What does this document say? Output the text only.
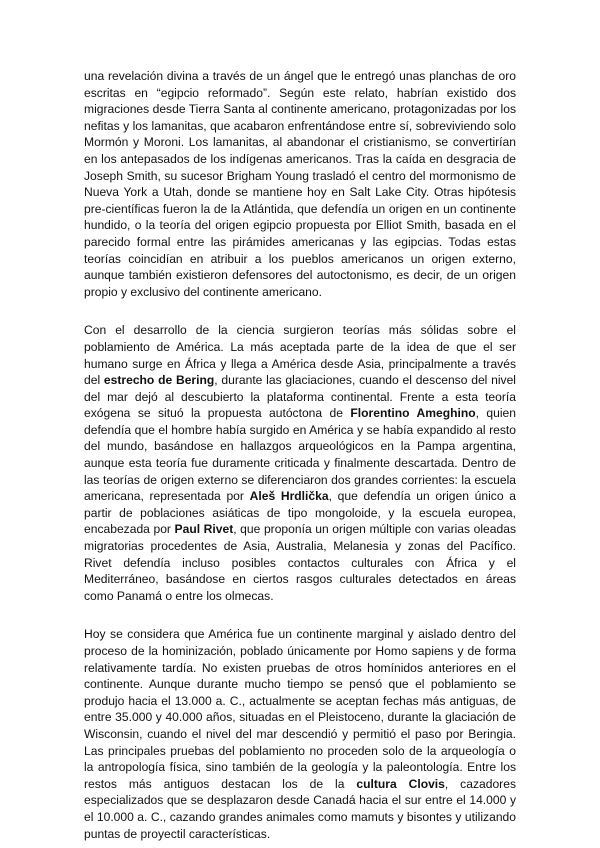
una revelación divina a través de un ángel que le entregó unas planchas de oro escritas en “egipcio reformado”. Según este relato, habrían existido dos migraciones desde Tierra Santa al continente americano, protagonizadas por los nefitas y los lamanitas, que acabaron enfrentándose entre sí, sobreviviendo solo Mormón y Moroni. Los lamanitas, al abandonar el cristianismo, se convertirían en los antepasados de los indígenas americanos. Tras la caída en desgracia de Joseph Smith, su sucesor Brigham Young trasladó el centro del mormonismo de Nueva York a Utah, donde se mantiene hoy en Salt Lake City. Otras hipótesis pre-científicas fueron la de la Atlántida, que defendía un origen en un continente hundido, o la teoría del origen egipcio propuesta por Elliot Smith, basada en el parecido formal entre las pirámides americanas y las egipcias. Todas estas teorías coincidían en atribuir a los pueblos americanos un origen externo, aunque también existieron defensores del autoctonismo, es decir, de un origen propio y exclusivo del continente americano.

Con el desarrollo de la ciencia surgieron teorías más sólidas sobre el poblamiento de América. La más aceptada parte de la idea de que el ser humano surge en África y llega a América desde Asia, principalmente a través del estrecho de Bering, durante las glaciaciones, cuando el descenso del nivel del mar dejó al descubierto la plataforma continental. Frente a esta teoría exógena se situó la propuesta autóctona de Florentino Ameghino, quien defendía que el hombre había surgido en América y se había expandido al resto del mundo, basándose en hallazgos arqueológicos en la Pampa argentina, aunque esta teoría fue duramente criticada y finalmente descartada. Dentro de las teorías de origen externo se diferenciaron dos grandes corrientes: la escuela americana, representada por Aleš Hrdlička, que defendía un origen único a partir de poblaciones asiáticas de tipo mongoloide, y la escuela europea, encabezada por Paul Rivet, que proponía un origen múltiple con varias oleadas migratorias procedentes de Asia, Australia, Melanesia y zonas del Pacífico. Rivet defendía incluso posibles contactos culturales con África y el Mediterráneo, basándose en ciertos rasgos culturales detectados en áreas como Panamá o entre los olmecas.

Hoy se considera que América fue un continente marginal y aislado dentro del proceso de la hominización, poblado únicamente por Homo sapiens y de forma relativamente tardía. No existen pruebas de otros homínidos anteriores en el continente. Aunque durante mucho tiempo se pensó que el poblamiento se produjo hacia el 13.000 a. C., actualmente se aceptan fechas más antiguas, de entre 35.000 y 40.000 años, situadas en el Pleistoceno, durante la glaciación de Wisconsin, cuando el nivel del mar descendió y permitió el paso por Beringia. Las principales pruebas del poblamiento no proceden solo de la arqueología o la antropología física, sino también de la geología y la paleontología. Entre los restos más antiguos destacan los de la cultura Clovis, cazadores especializados que se desplazaron desde Canadá hacia el sur entre el 14.000 y el 10.000 a. C., cazando grandes animales como mamuts y bisontes y utilizando puntas de proyectil características.
